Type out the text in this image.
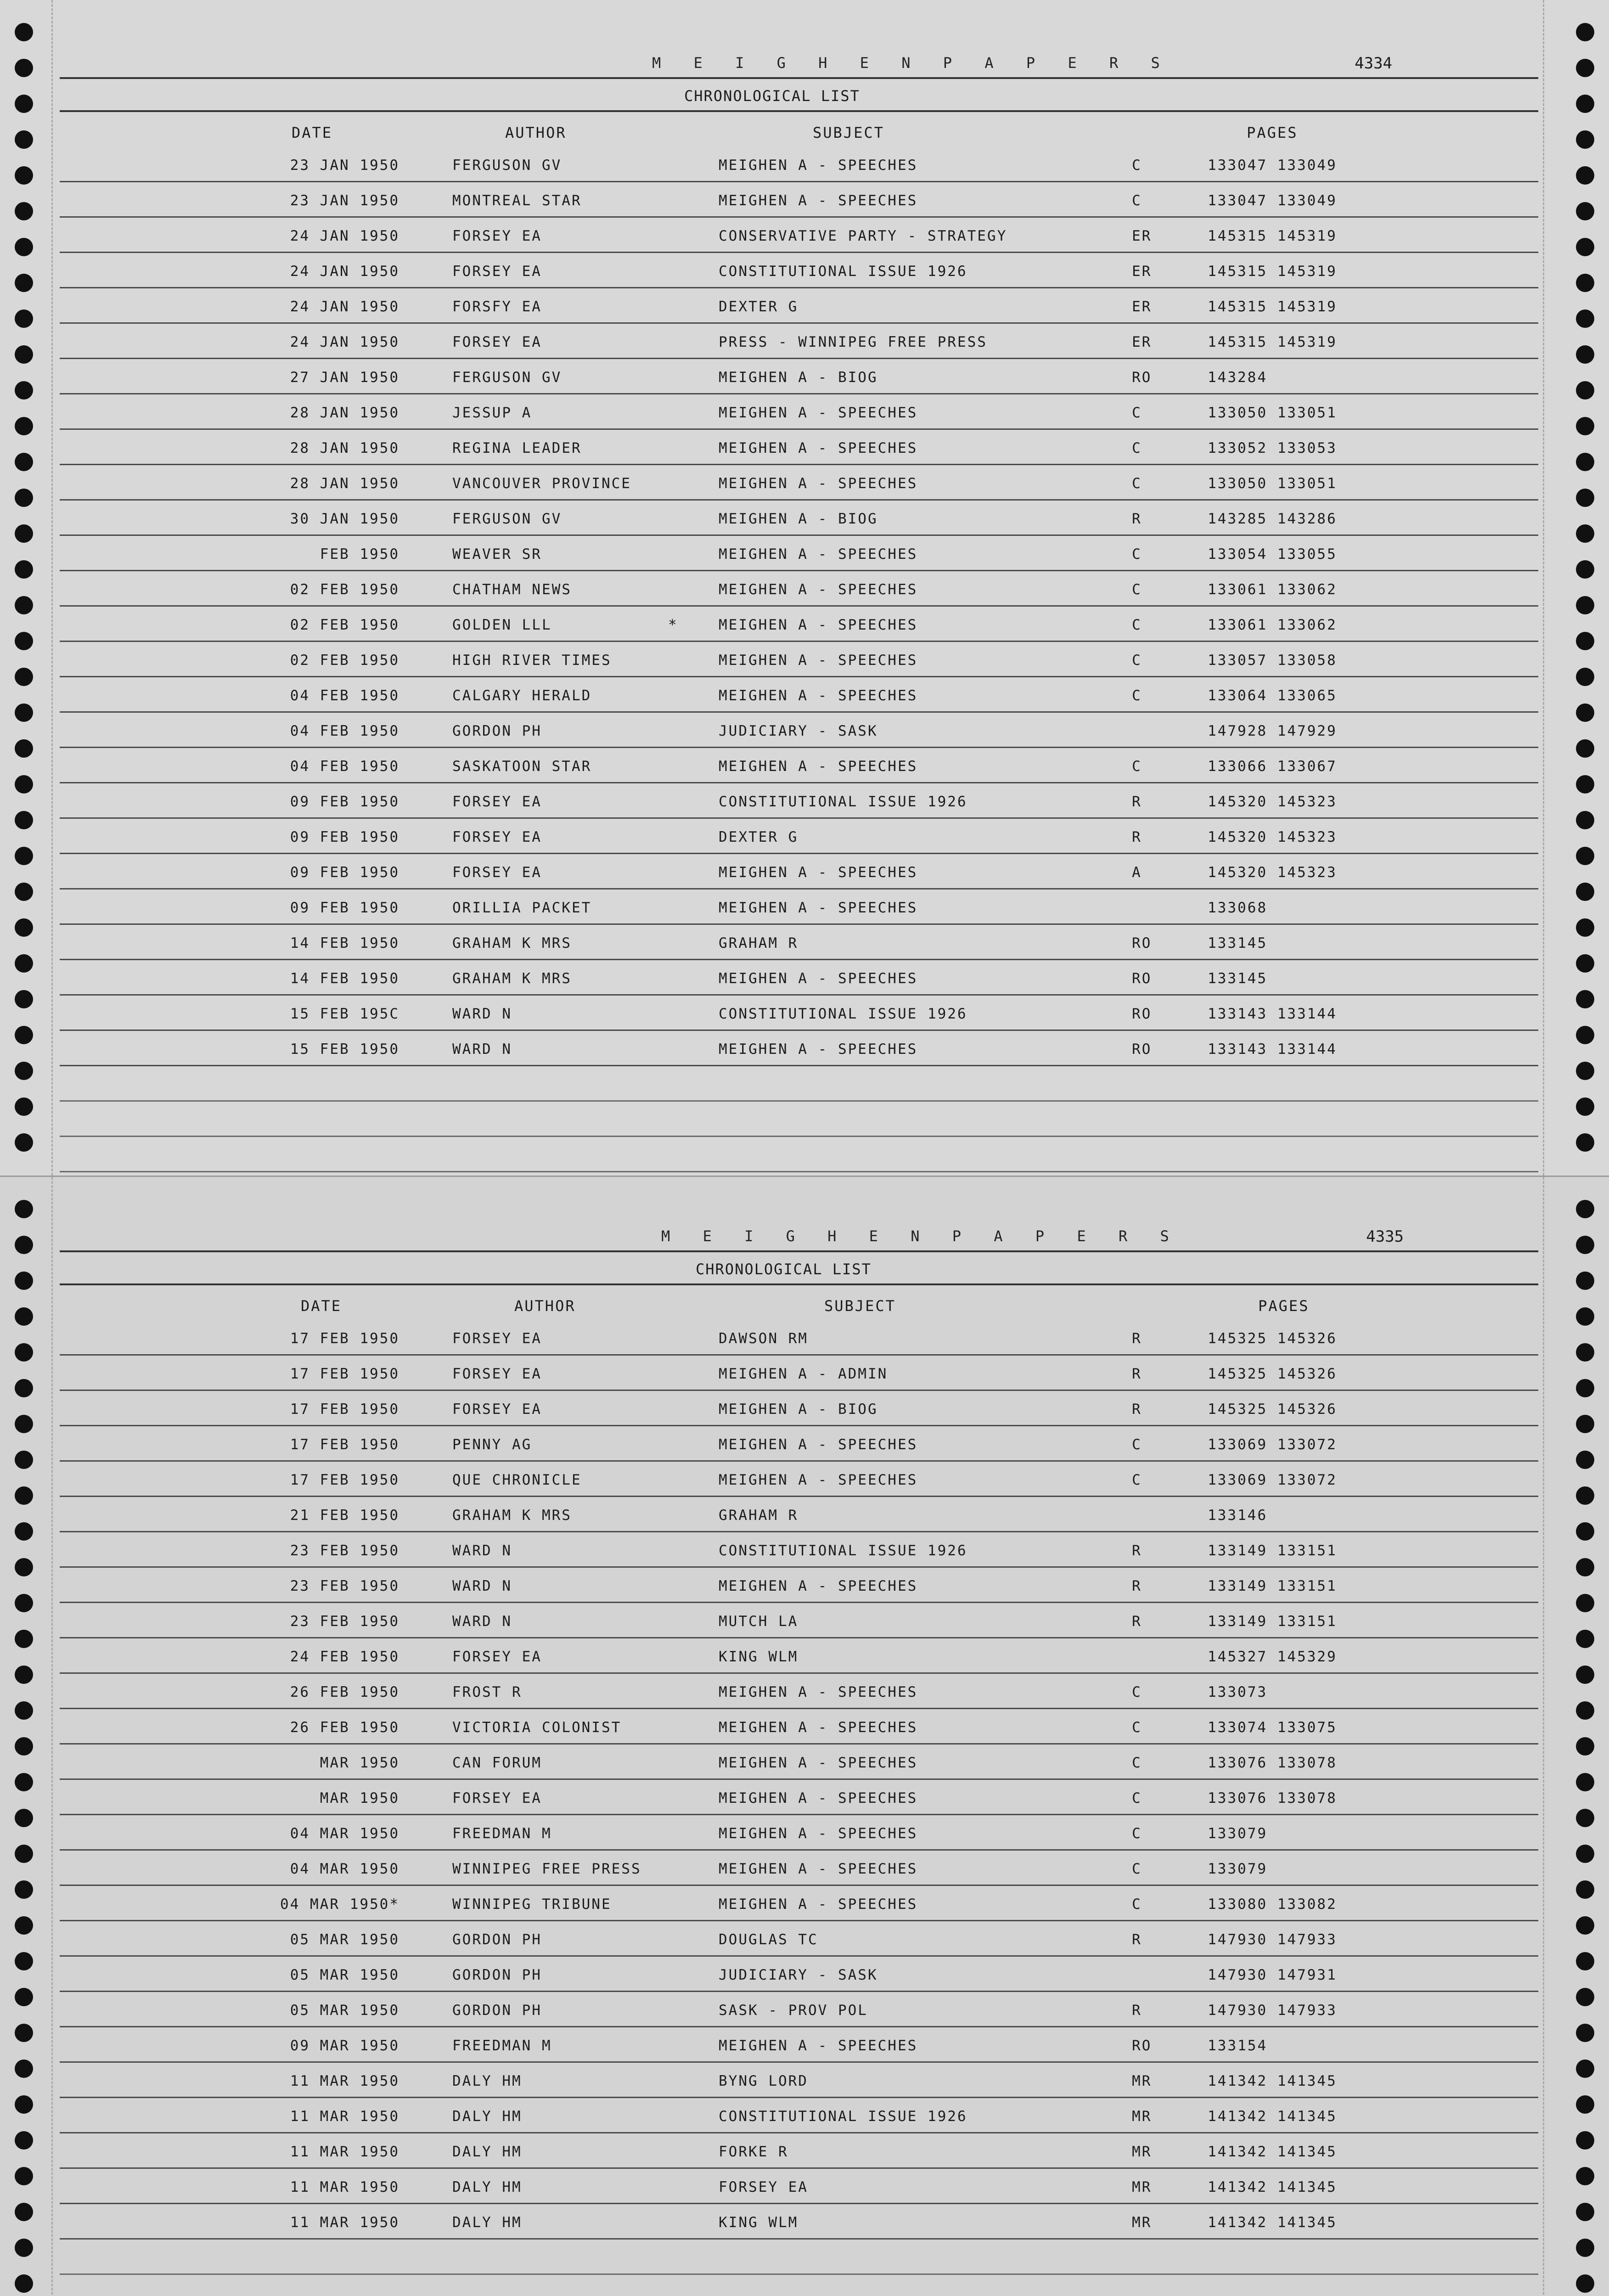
M E I G H E N P A P E R S	4334
CHRONOLOGICAL LIST
DATE	AUTHOR	SUBJECT	PAGES
23 JAN 1950	FERGUSON GV	MEIGHEN A - SPEECHES	C	133047 133049
23 JAN 1950	MONTREAL STAR	MEIGHEN A - SPEECHES	C	133047 133049
24 JAN 1950	FORSEY EA	CONSERVATIVE PARTY - STRATEGY	ER	145315 145319
24 JAN 1950	FORSEY EA	CONSTITUTIONAL ISSUE 1926	ER	145315 145319
24 JAN 1950	FORSFY EA	DEXTER G	ER	145315 145319
24 JAN 1950	FORSEY EA	PRESS - WINNIPEG FREE PRESS	ER	145315 145319
27 JAN 1950	FERGUSON GV	MEIGHEN A - BIOG	RO	143284
28 JAN 1950	JESSUP A	MEIGHEN A - SPEECHES	C	133050 133051
28 JAN 1950	REGINA LEADER	MEIGHEN A - SPEECHES	C	133052 133053
28 JAN 1950	VANCOUVER PROVINCE	MEIGHEN A - SPEECHES	C	133050 133051
30 JAN 1950	FERGUSON GV	MEIGHEN A - BIOG	R	143285 143286
FEB 1950	WEAVER SR	MEIGHEN A - SPEECHES	C	133054 133055
02 FEB 1950	CHATHAM NEWS	MEIGHEN A - SPEECHES	C	133061 133062
02 FEB 1950	GOLDEN LLL	*	MEIGHEN A - SPEECHES	C	133061 133062
02 FEB 1950	HIGH RIVER TIMES	MEIGHEN A - SPEECHES	C	133057 133058
04 FEB 1950	CALGARY HERALD	MEIGHEN A - SPEECHES	C	133064 133065
04 FEB 1950	GORDON PH	JUDICIARY - SASK	147928 147929
04 FEB 1950	SASKATOON STAR	MEIGHEN A - SPEECHES	C	133066 133067
09 FEB 1950	FORSEY EA	CONSTITUTIONAL ISSUE 1926	R	145320 145323
09 FEB 1950	FORSEY EA	DEXTER G	R	145320 145323
09 FEB 1950	FORSEY EA	MEIGHEN A - SPEECHES	A	145320 145323
09 FEB 1950	ORILLIA PACKET	MEIGHEN A - SPEECHES	133068
14 FEB 1950	GRAHAM K MRS	GRAHAM R	RO	133145
14 FEB 1950	GRAHAM K MRS	MEIGHEN A - SPEECHES	RO	133145
15 FEB 195C	WARD N	CONSTITUTIONAL ISSUE 1926	RO	133143 133144
15 FEB 1950	WARD N	MEIGHEN A - SPEECHES	RO	133143 133144
M E I G H E N P A P E R S	4335
CHRONOLOGICAL LIST
DATE	AUTHOR	SUBJECT	PAGES
17 FEB 1950	FORSEY EA	DAWSON RM	R	145325 145326
17 FEB 1950	FORSEY EA	MEIGHEN A - ADMIN	R	145325 145326
17 FEB 1950	FORSEY EA	MEIGHEN A - BIOG	R	145325 145326
17 FEB 1950	PENNY AG	MEIGHEN A - SPEECHES	C	133069 133072
17 FEB 1950	QUE CHRONICLE	MEIGHEN A - SPEECHES	C	133069 133072
21 FEB 1950	GRAHAM K MRS	GRAHAM R	133146
23 FEB 1950	WARD N	CONSTITUTIONAL ISSUE 1926	R	133149 133151
23 FEB 1950	WARD N	MEIGHEN A - SPEECHES	R	133149 133151
23 FEB 1950	WARD N	MUTCH LA	R	133149 133151
24 FEB 1950	FORSEY EA	KING WLM	145327 145329
26 FEB 1950	FROST R	MEIGHEN A - SPEECHES	C	133073
26 FEB 1950	VICTORIA COLONIST	MEIGHEN A - SPEECHES	C	133074 133075
MAR 1950	CAN FORUM	MEIGHEN A - SPEECHES	C	133076 133078
MAR 1950	FORSEY EA	MEIGHEN A - SPEECHES	C	133076 133078
04 MAR 1950	FREEDMAN M	MEIGHEN A - SPEECHES	C	133079
04 MAR 1950	WINNIPEG FREE PRESS	MEIGHEN A - SPEECHES	C	133079
04 MAR 1950*	WINNIPEG TRIBUNE	MEIGHEN A - SPEECHES	C	133080 133082
05 MAR 1950	GORDON PH	DOUGLAS TC	R	147930 147933
05 MAR 1950	GORDON PH	JUDICIARY - SASK	147930 147931
05 MAR 1950	GORDON PH	SASK - PROV POL	R	147930 147933
09 MAR 1950	FREEDMAN M	MEIGHEN A - SPEECHES	RO	133154
11 MAR 1950	DALY HM	BYNG LORD	MR	141342 141345
11 MAR 1950	DALY HM	CONSTITUTIONAL ISSUE 1926	MR	141342 141345
11 MAR 1950	DALY HM	FORKE R	MR	141342 141345
11 MAR 1950	DALY HM	FORSEY EA	MR	141342 141345
11 MAR 1950	DALY HM	KING WLM	MR	141342 141345
